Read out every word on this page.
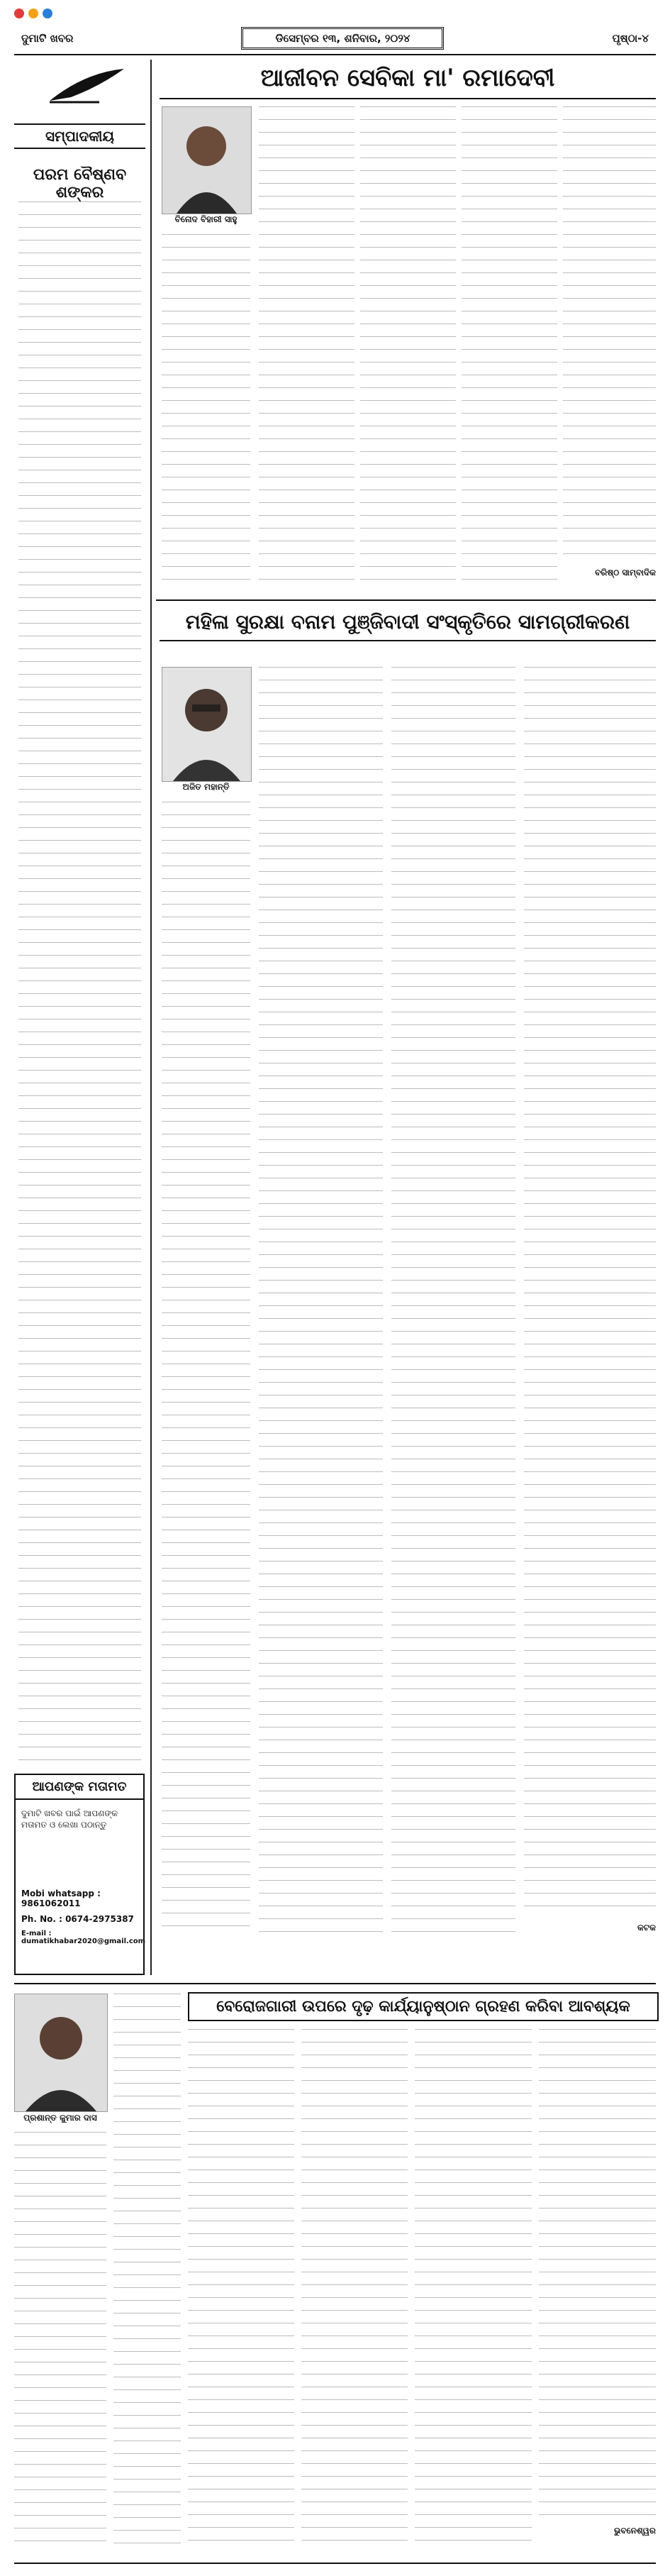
ଦୁମାଟି ଖବର	ଡିସେମ୍ବର ୧୩, ଶନିବାର, ୨୦୨୪	ପୃଷ୍ଠା-୪
ସମ୍ପାଦକୀୟ
ପରମ ବୈଷ୍ଣବ ଶଙ୍କର
ଆପଣଙ୍କ ମତାମତ
ଦୁମାଟି ଖବର ପାଇଁ ଆପଣଙ୍କ ମତାମତ ଓ ଲେଖା ପଠାନ୍ତୁ
Mobi whatsapp : 9861062011
Ph. No. : 0674-2975387
E-mail : dumatikhabar2020@gmail.com
ଆଜୀବନ ସେବିକା ମା' ରମାଦେବୀ
ବିନୋଦ ବିହାରୀ ସାହୁ
ବରିଷ୍ଠ ସାମ୍ବାଦିକ
ମହିଳା ସୁରକ୍ଷା ବନାମ ପୁଞ୍ଜିବାଦୀ ସଂସ୍କୃତିରେ ସାମଗ୍ରୀକରଣ
ଅଜିତ ମହାନ୍ତି
କଟକ
ପ୍ରଶାନ୍ତ କୁମାର ଦାସ
ବେରୋଜଗାରୀ ଉପରେ ଦୃଢ଼ କାର୍ଯ୍ୟାନୁଷ୍ଠାନ ଗ୍ରହଣ କରିବା ଆବଶ୍ୟକ
ଭୁବନେଶ୍ୱର
